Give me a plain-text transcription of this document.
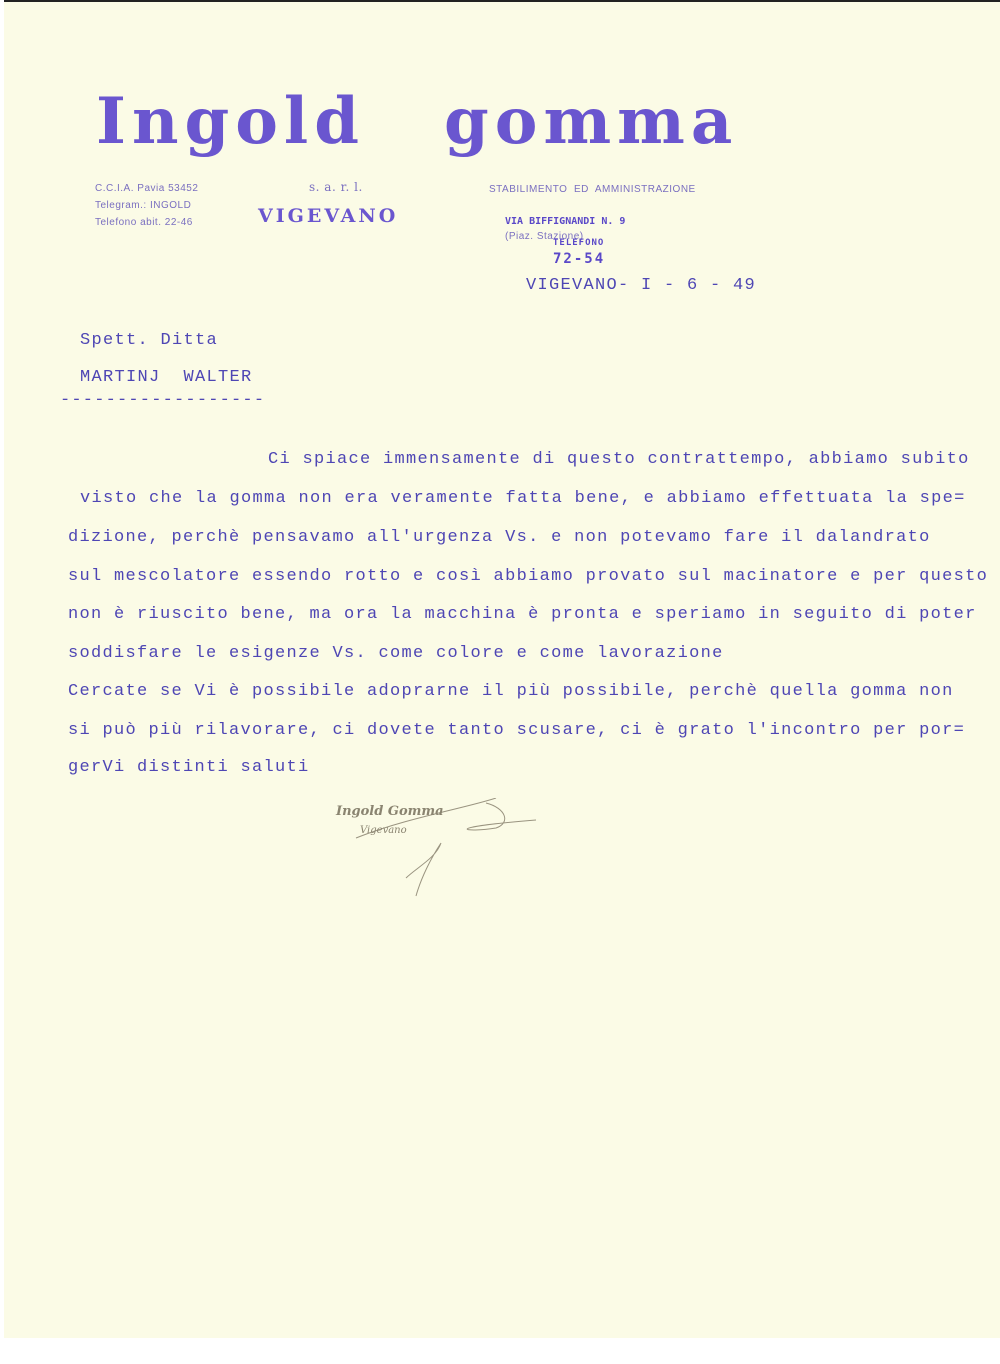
Ingold gomma
C.C.I.A. Pavia 53452
Telegram.: INGOLD
Telefono abit. 22-46
s. a. r. l.
VIGEVANO
STABILIMENTO  ED  AMMINISTRAZIONE

VIA BIFFIGNANDI N. 9
(Piaz. Stazione)

TELEFONO
72-54

VIGEVANO- I - 6 - 49
Spett. Ditta
MARTINJ  WALTER
------------------
Ci spiace immensamente di questo contrattempo, abbiamo subito
visto che la gomma non era veramente fatta bene, e abbiamo effettuata la spe=
dizione, perchè pensavamo all'urgenza Vs. e non potevamo fare il dalandrato
sul mescolatore essendo rotto e così abbiamo provato sul macinatore e per questo
non è riuscito bene, ma ora la macchina è pronta e speriamo in seguito di poter
soddisfare le esigenze Vs. come colore e come lavorazione
Cercate se Vi è possibile adoprarne il più possibile, perchè quella gomma non
si può più rilavorare, ci dovete tanto scusare, ci è grato l'incontro per por=
gerVi distinti saluti

Ingold Gomma

Vigevano
